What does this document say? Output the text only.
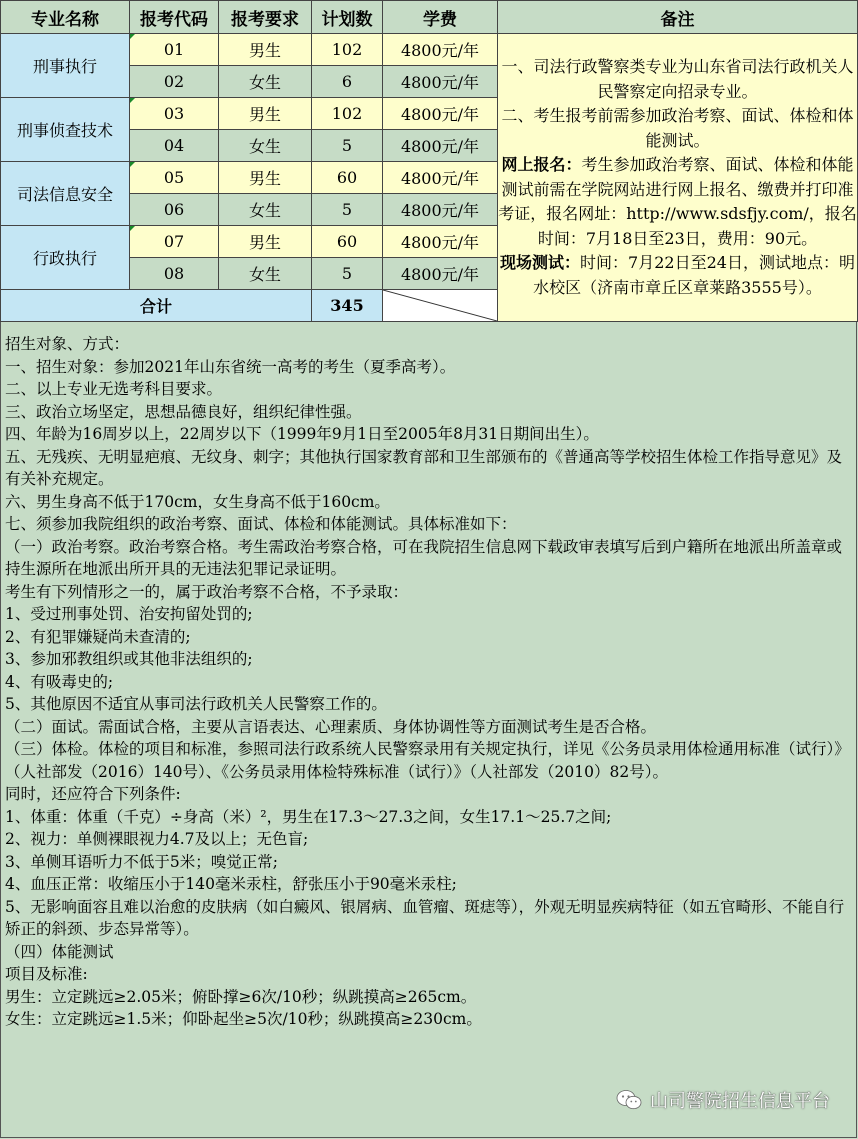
专业名称	报考代码	报考要求	计划数	学费	备注
刑事执行	01	男生	102	4800元/年	一、司法行政警察类专业为山东省司法行政机关人民警察定向招录专业。

二、考生报考前需参加政治考察、面试、体检和体能测试。

网上报名：考生参加政治考察、面试、体检和体能测试前需在学院网站进行网上报名、缴费并打印准考证，报名网址：http://www.sdsfjy.com/，报名时间：7月18日至23日，费用：90元。

现场测试：时间：7月22日至24日，测试地点：明水校区（济南市章丘区章莱路3555号）。

	02	女生	6	4800元/年	
刑事侦查技术	03	男生	102	4800元/年	
	04	女生	5	4800元/年	
司法信息安全	05	男生	60	4800元/年	
	06	女生	5	4800元/年	
行政执行	07	男生	60	4800元/年	
	08	女生	5	4800元/年	
合计			345	

招生对象、方式：

一、招生对象：参加2021年山东省统一高考的考生（夏季高考）。

二、以上专业无选考科目要求。

三、政治立场坚定，思想品德良好，组织纪律性强。

四、年龄为16周岁以上，22周岁以下（1999年9月1日至2005年8月31日期间出生）。

五、无残疾、无明显疤痕、无纹身、刺字；其他执行国家教育部和卫生部颁布的《普通高等学校招生体检工作指导意见》及有关补充规定。

六、男生身高不低于170cm，女生身高不低于160cm。

七、须参加我院组织的政治考察、面试、体检和体能测试。具体标准如下：

（一）政治考察。政治考察合格。考生需政治考察合格，可在我院招生信息网下载政审表填写后到户籍所在地派出所盖章或持生源所在地派出所开具的无违法犯罪记录证明。

考生有下列情形之一的，属于政治考察不合格，不予录取：

1、受过刑事处罚、治安拘留处罚的;

2、有犯罪嫌疑尚未查清的;

3、参加邪教组织或其他非法组织的;

4、有吸毒史的;

5、其他原因不适宜从事司法行政机关人民警察工作的。

（二）面试。需面试合格，主要从言语表达、心理素质、身体协调性等方面测试考生是否合格。

（三）体检。体检的项目和标准，参照司法行政系统人民警察录用有关规定执行，详见《公务员录用体检通用标准（试行）》（人社部发（2016）140号）、《公务员录用体检特殊标准（试行）》（人社部发（2010）82号）。

同时，还应符合下列条件:

1、体重：体重（千克）÷身高（米）²，男生在17.3～27.3之间，女生17.1～25.7之间;

2、视力：单侧裸眼视力4.7及以上；无色盲;

3、单侧耳语听力不低于5米；嗅觉正常;

4、血压正常：收缩压小于140毫米汞柱，舒张压小于90毫米汞柱;

5、无影响面容且难以治愈的皮肤病（如白癜风、银屑病、血管瘤、斑痣等），外观无明显疾病特征（如五官畸形、不能自行矫正的斜颈、步态异常等）。

（四）体能测试

项目及标准:

男生：立定跳远≥2.05米；俯卧撑≥6次/10秒；纵跳摸高≥265cm。

女生：立定跳远≥1.5米；仰卧起坐≥5次/10秒；纵跳摸高≥230cm。

山司警院招生信息平台
